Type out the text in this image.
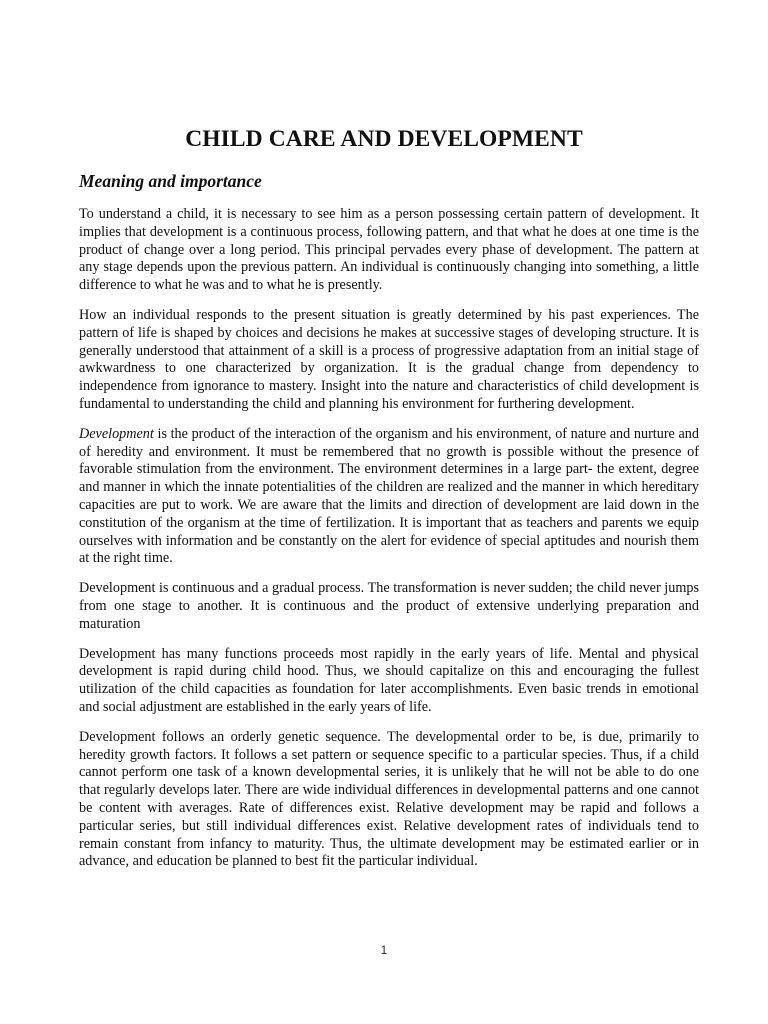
CHILD CARE AND DEVELOPMENT
Meaning and importance

To understand a child, it is necessary to see him as a person possessing certain pattern of development. It implies that development is a continuous process, following pattern, and that what he does at one time is the product of change over a long period. This principal pervades every phase of development. The pattern at any stage depends upon the previous pattern. An individual is continuously changing into something, a little difference to what he was and to what he is presently.

How an individual responds to the present situation is greatly determined by his past experiences. The pattern of life is shaped by choices and decisions he makes at successive stages of developing structure. It is generally understood that attainment of a skill is a process of progressive adaptation from an initial stage of awkwardness to one characterized by organization. It is the gradual change from dependency to independence from ignorance to mastery. Insight into the nature and characteristics of child development is fundamental to understanding the child and planning his environment for furthering development.

Development is the product of the interaction of the organism and his environment, of nature and nurture and of heredity and environment. It must be remembered that no growth is possible without the presence of favorable stimulation from the environment. The environment determines in a large part- the extent, degree and manner in which the innate potentialities of the children are realized and the manner in which hereditary capacities are put to work. We are aware that the limits and direction of development are laid down in the constitution of the organism at the time of fertilization. It is important that as teachers and parents we equip ourselves with information and be constantly on the alert for evidence of special aptitudes and nourish them at the right time.

Development is continuous and a gradual process. The transformation is never sudden; the child never jumps from one stage to another. It is continuous and the product of extensive underlying preparation and maturation

Development has many functions proceeds most rapidly in the early years of life. Mental and physical development is rapid during child hood. Thus, we should capitalize on this and encouraging the fullest utilization of the child capacities as foundation for later accomplishments. Even basic trends in emotional and social adjustment are established in the early years of life.

Development follows an orderly genetic sequence. The developmental order to be, is due, primarily to heredity growth factors. It follows a set pattern or sequence specific to a particular species. Thus, if a child cannot perform one task of a known developmental series, it is unlikely that he will not be able to do one that regularly develops later. There are wide individual differences in developmental patterns and one cannot be content with averages. Rate of differences exist. Relative development may be rapid and follows a particular series, but still individual differences exist. Relative development rates of individuals tend to remain constant from infancy to maturity. Thus, the ultimate development may be estimated earlier or in advance, and education be planned to best fit the particular individual.

1
